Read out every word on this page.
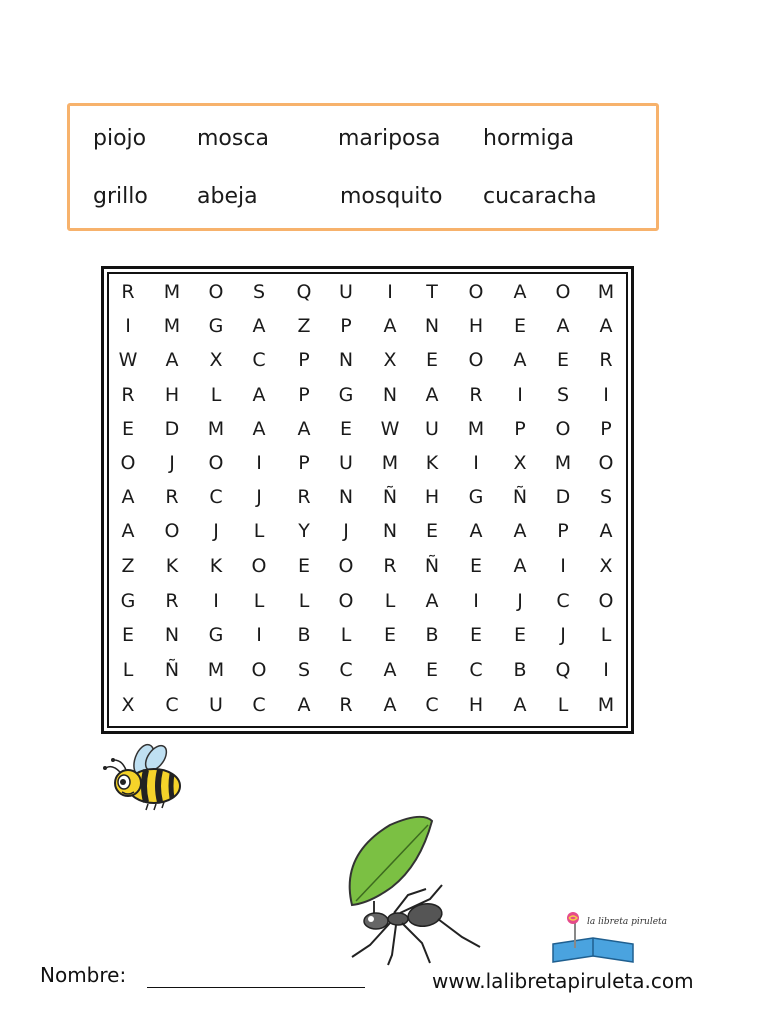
piojo mosca	mariposa hormiga
grillo abeja	mosquito cucaracha
R	M	O	S	Q	U	I	T	O	A	O	M
I	M	G	A	Z	P	A	N	H	E	A	A
W	A	X	C	P	N	X	E	O	A	E	R
R	H	L	A	P	G	N	A	R	I	S	I
E	D	M	A	A	E	W	U	M	P	O	P
O	J	O	I	P	U	M	K	I	X	M	O
A	R	C	J	R	N	Ñ	H	G	Ñ	D	S
A	O	J	L	Y	J	N	E	A	A	P	A
Z	K	K	O	E	O	R	Ñ	E	A	I	X
G	R	I	L	L	O	L	A	I	J	C	O
E	N	G	I	B	L	E	B	E	E	J	L
L	Ñ	M	O	S	C	A	E	C	B	Q	I
X	C	U	C	A	R	A	C	H	A	L	M
la libreta piruleta
Nombre:	www.lalibretapiruleta.com
